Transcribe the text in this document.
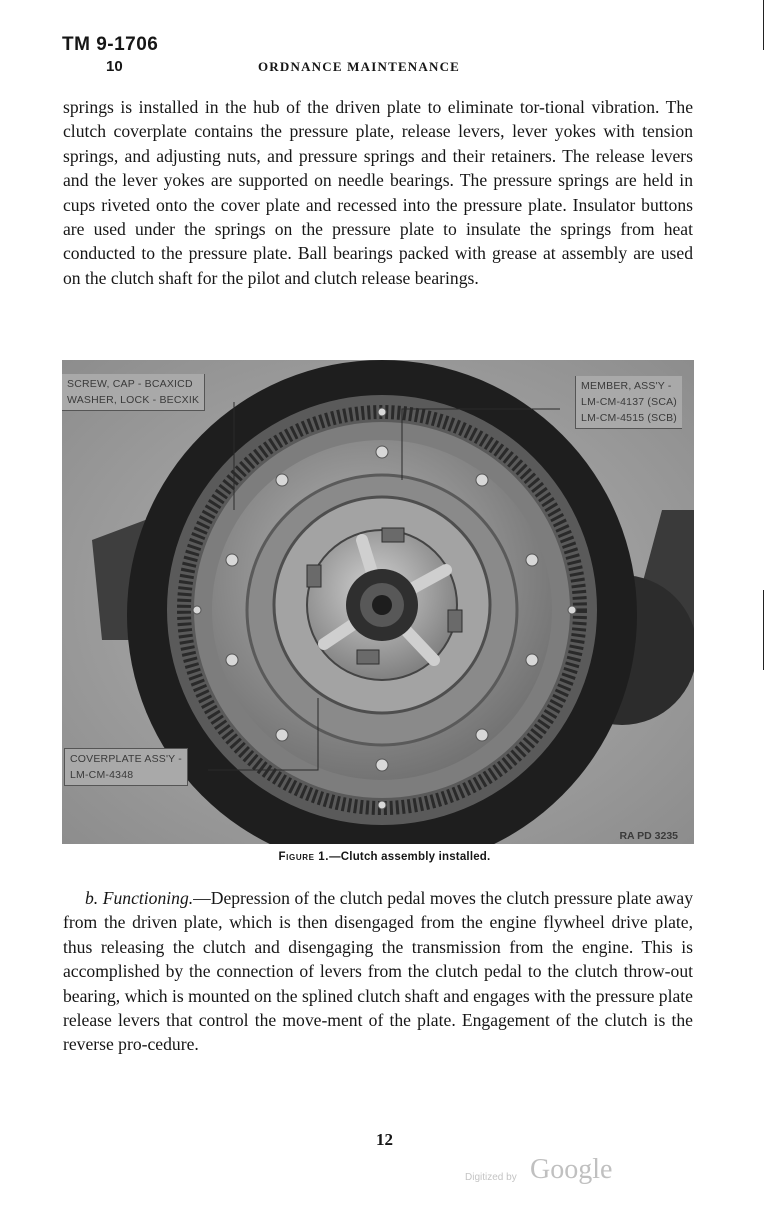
TM 9-1706
10	ORDNANCE MAINTENANCE

springs is installed in the hub of the driven plate to eliminate tor-tional vibration. The clutch coverplate contains the pressure plate, release levers, lever yokes with tension springs, and adjusting nuts, and pressure springs and their retainers. The release levers and the lever yokes are supported on needle bearings. The pressure springs are held in cups riveted onto the cover plate and recessed into the pressure plate. Insulator buttons are used under the springs on the pressure plate to insulate the springs from heat conducted to the pressure plate. Ball bearings packed with grease at assembly are used on the clutch shaft for the pilot and clutch release bearings.

SCREW, CAP - BCAXICD
WASHER, LOCK - BECXIK
MEMBER, ASS'Y -
LM-CM-4137 (SCA)
LM-CM-4515 (SCB)
COVERPLATE ASS'Y -
LM-CM-4348
RA PD 3235
Figure 1.—Clutch assembly installed.

b. Functioning.—Depression of the clutch pedal moves the clutch pressure plate away from the driven plate, which is then disengaged from the engine flywheel drive plate, thus releasing the clutch and disengaging the transmission from the engine. This is accomplished by the connection of levers from the clutch pedal to the clutch throw-out bearing, which is mounted on the splined clutch shaft and engages with the pressure plate release levers that control the move-ment of the plate. Engagement of the clutch is the reverse pro-cedure.

12
Digitized by Google
